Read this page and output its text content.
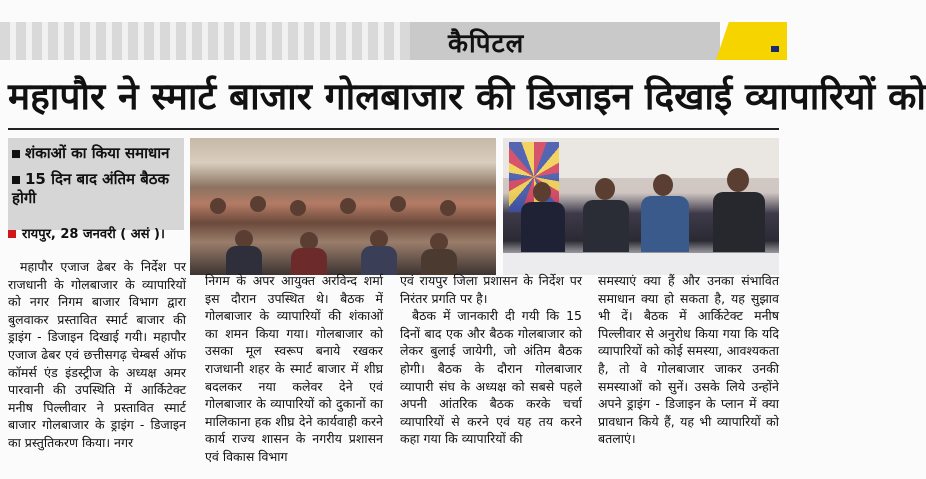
कैपिटल
महापौर ने स्मार्ट बाजार गोलबाजार की डिजाइन दिखाई व्यापारियों को
शंकाओं का किया समाधान
15 दिन बाद अंतिम बैठक होगी
रायपुर, 28 जनवरी ( असं )।

महापौर एजाज ढेबर के निर्देश पर राजधानी के गोलबाजार के व्यापारियों को नगर निगम बाजार विभाग द्वारा बुलवाकर प्रस्तावित स्मार्ट बाजार की ड्राइंग - डिजाइन दिखाई गयी। महापौर एजाज ढेबर एवं छत्तीसगढ़ चेम्बर्स ऑफ कॉमर्स एंड इंडस्ट्रीज के अध्यक्ष अमर पारवानी की उपस्थिति में आर्किटेक्ट मनीष पिल्लीवार ने प्रस्तावित स्मार्ट बाजार गोलबाजार के ड्राइंग - डिजाइन का प्रस्तुतिकरण किया। नगर

निगम के अपर आयुक्त अरविन्द शर्मा इस दौरान उपस्थित थे। बैठक में गोलबाजार के व्यापारियों की शंकाओं का शमन किया गया। गोलबाजार को उसका मूल स्वरूप बनाये रखकर राजधानी शहर के स्मार्ट बाजार में शीघ्र बदलकर नया कलेवर देने एवं गोलबाजार के व्यापारियों को दुकानों का मालिकाना हक शीघ्र देने कार्यवाही करने कार्य राज्य शासन के नगरीय प्रशासन एवं विकास विभाग

एवं रायपुर जिला प्रशासन के निर्देश पर निरंतर प्रगति पर है।

बैठक में जानकारी दी गयी कि 15 दिनों बाद एक और बैठक गोलबाजार को लेकर बुलाई जायेगी, जो अंतिम बैठक होगी। बैठक के दौरान गोलबाजार व्यापारी संघ के अध्यक्ष को सबसे पहले अपनी आंतरिक बैठक करके चर्चा व्यापारियों से करने एवं यह तय करने कहा गया कि व्यापारियों की

समस्याएं क्या हैं और उनका संभावित समाधान क्या हो सकता है, यह सुझाव भी दें। बैठक में आर्किटेक्ट मनीष पिल्लीवार से अनुरोध किया गया कि यदि व्यापारियों को कोई समस्या, आवश्यकता है, तो वे गोलबाजार जाकर उनकी समस्याओं को सुनें। उसके लिये उन्होंने अपने ड्राइंग - डिजाइन के प्लान में क्या प्रावधान किये हैं, यह भी व्यापारियों को बतलाएं।
